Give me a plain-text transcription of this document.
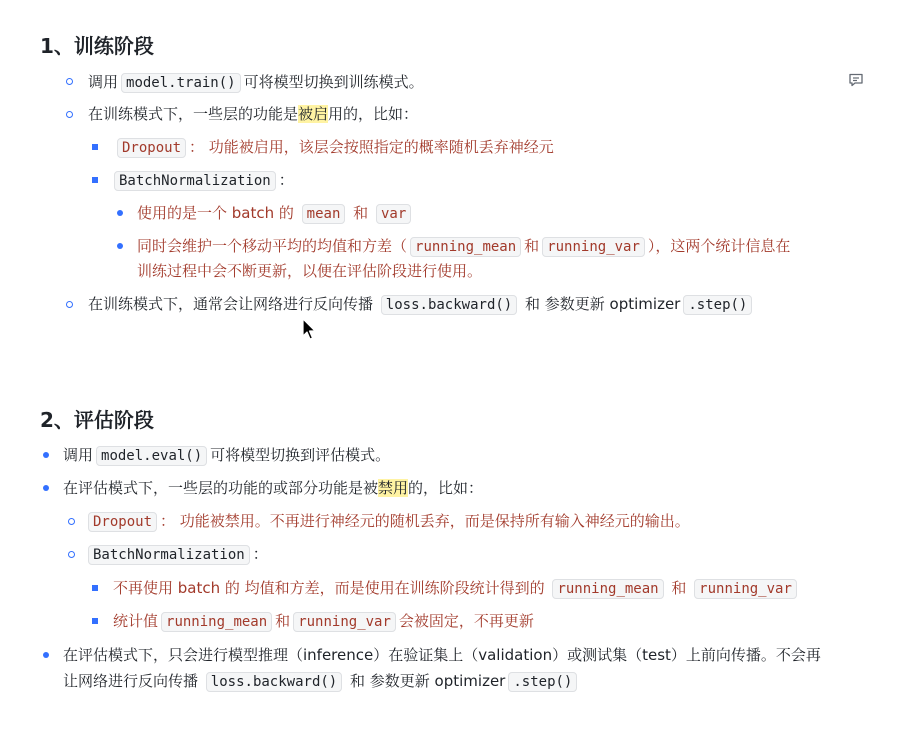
1、训练阶段
调用 model.train() 可将模型切换到训练模式。
在训练模式下，一些层的功能是被启用的，比如：
Dropout ： 功能被启用，该层会按照指定的概率随机丢弃神经元
BatchNormalization ：
使用的是一个 batch 的 mean 和 var
同时会维护一个移动平均的均值和方差（ running_mean 和 running_var ），这两个统计信息在
训练过程中会不断更新，以便在评估阶段进行使用。
在训练模式下，通常会让网络进行反向传播 loss.backward() 和 参数更新 optimizer .step()
2、评估阶段
调用 model.eval() 可将模型切换到评估模式。
在评估模式下，一些层的功能的或部分功能是被禁用的，比如：
Dropout ： 功能被禁用。不再进行神经元的随机丢弃，而是保持所有输入神经元的输出。
BatchNormalization ：
不再使用 batch 的 均值和方差，而是使用在训练阶段统计得到的 running_mean 和 running_var
统计值 running_mean 和 running_var 会被固定，不再更新
在评估模式下，只会进行模型推理（inference）在验证集上（validation）或测试集（test）上前向传播。不会再
让网络进行反向传播 loss.backward() 和 参数更新 optimizer .step()
